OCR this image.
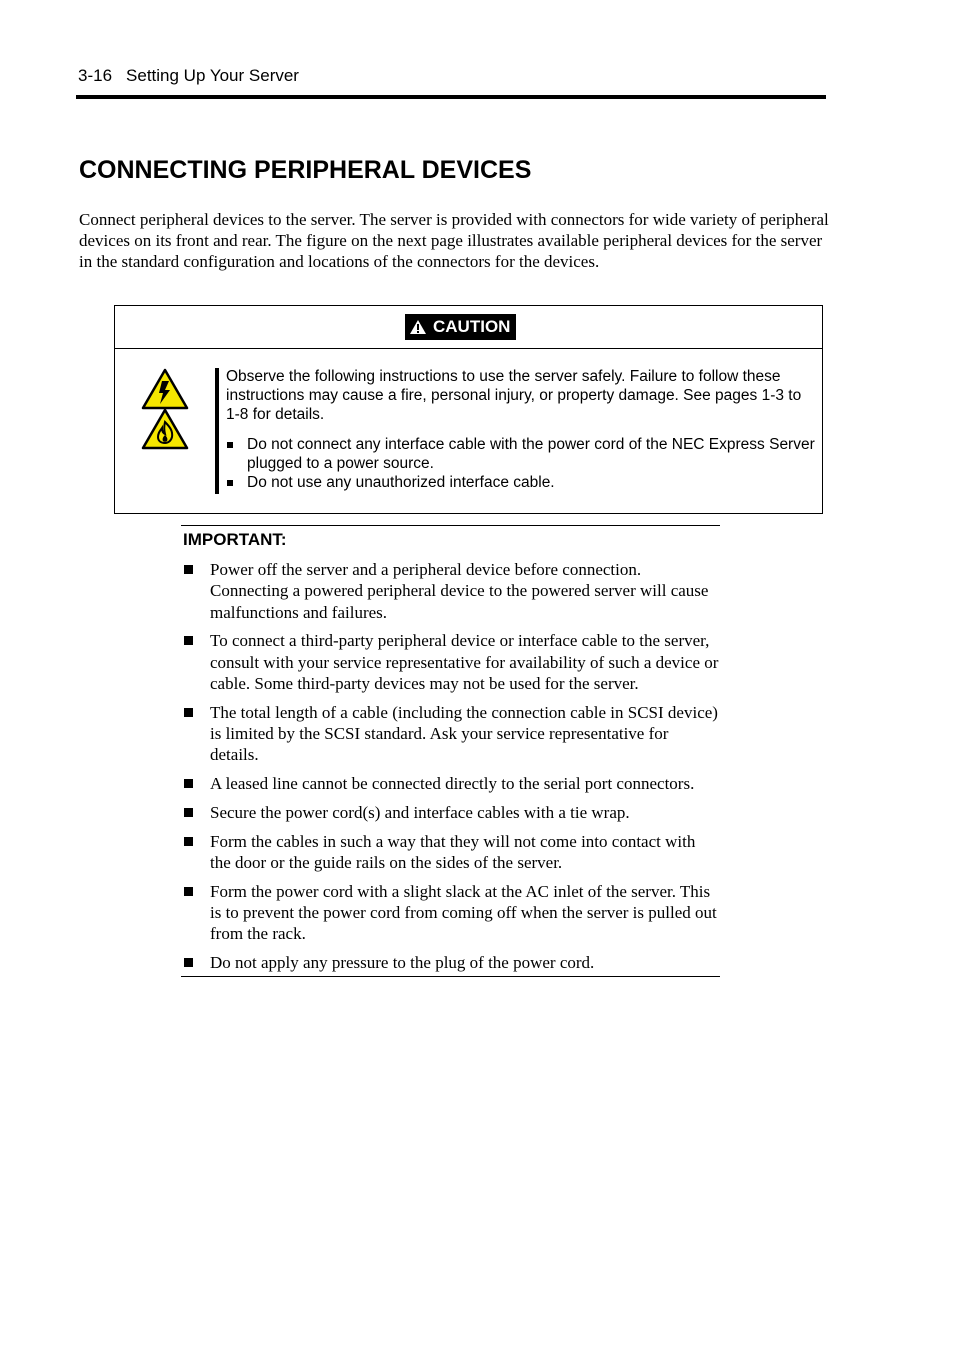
3-16 Setting Up Your Server
CONNECTING PERIPHERAL DEVICES

Connect peripheral devices to the server. The server is provided with connectors for wide variety of peripheral devices on its front and rear. The figure on the next page illustrates available peripheral devices for the server in the standard configuration and locations of the connectors for the devices.

CAUTION

Observe the following instructions to use the server safely. Failure to follow these instructions may cause a fire, personal injury, or property damage. See pages 1-3 to 1-8 for details.

Do not connect any interface cable with the power cord of the NEC Express Server plugged to a power source.
Do not use any unauthorized interface cable.
IMPORTANT:
Power off the server and a peripheral device before connection. Connecting a powered peripheral device to the powered server will cause malfunctions and failures.
To connect a third-party peripheral device or interface cable to the server, consult with your service representative for availability of such a device or cable. Some third-party devices may not be used for the server.
The total length of a cable (including the connection cable in SCSI device) is limited by the SCSI standard. Ask your service representative for details.
A leased line cannot be connected directly to the serial port connectors.
Secure the power cord(s) and interface cables with a tie wrap.
Form the cables in such a way that they will not come into contact with the door or the guide rails on the sides of the server.
Form the power cord with a slight slack at the AC inlet of the server. This is to prevent the power cord from coming off when the server is pulled out from the rack.
Do not apply any pressure to the plug of the power cord.
